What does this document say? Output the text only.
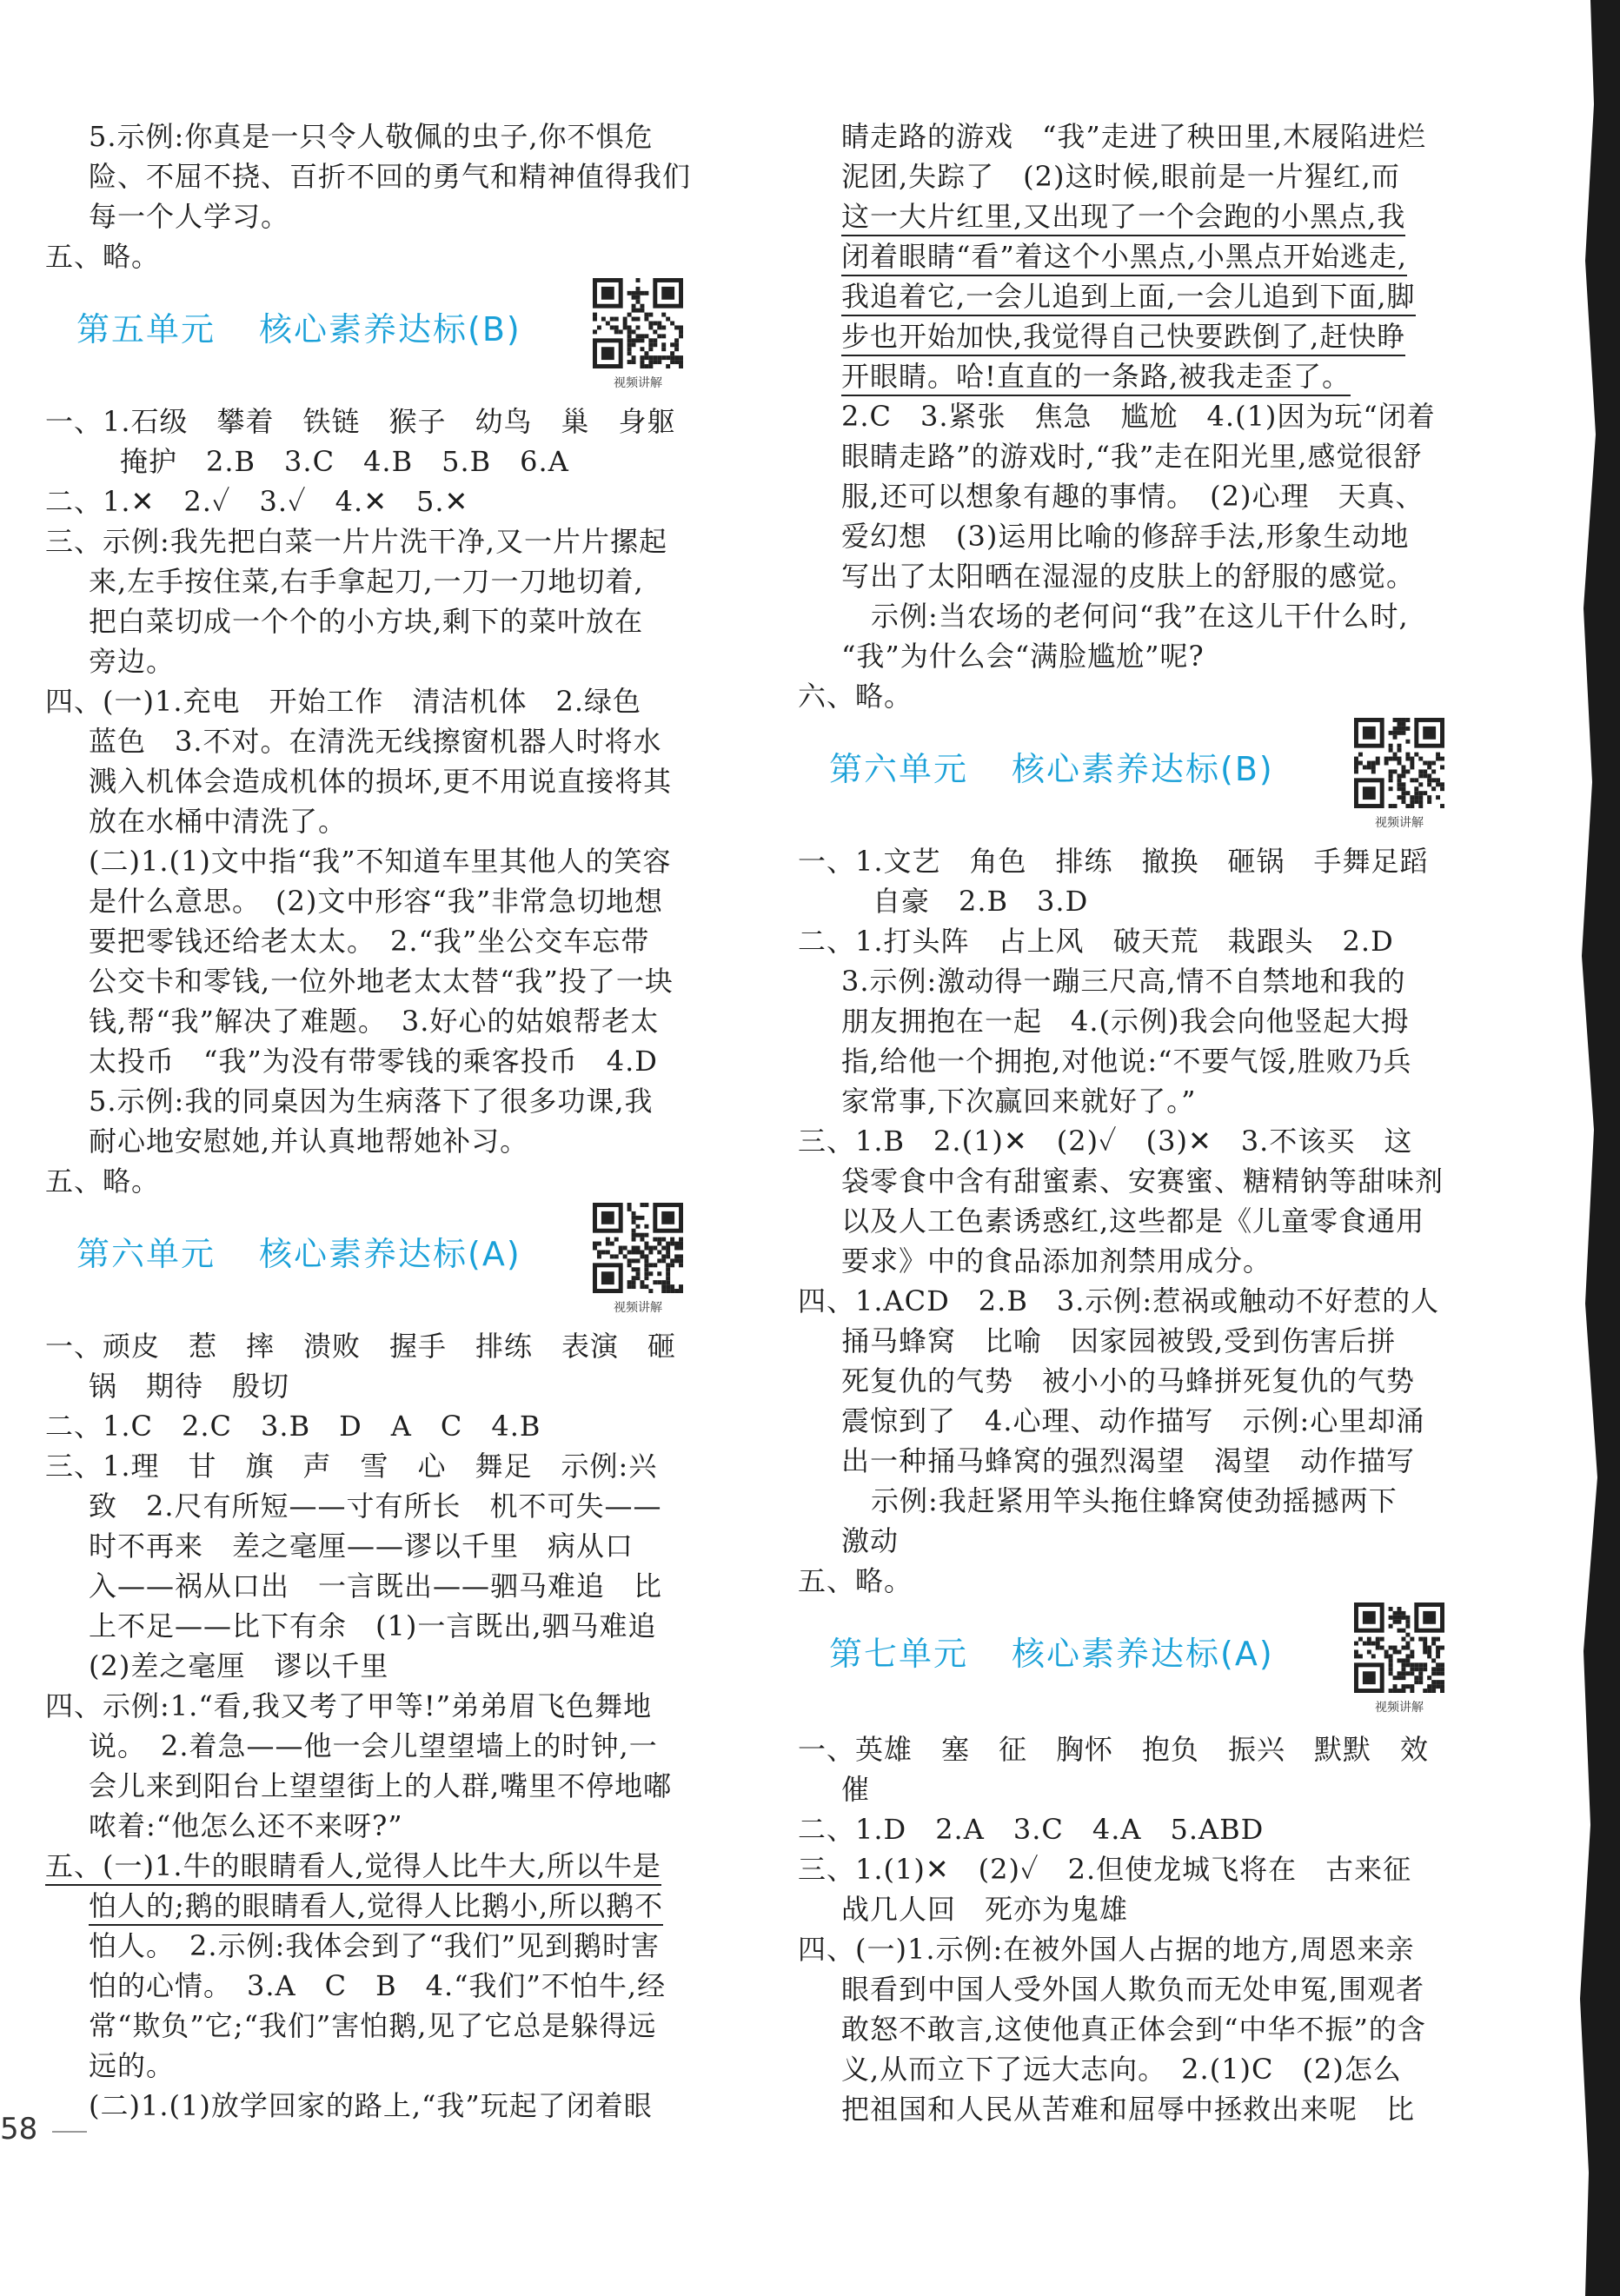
5.示例:你真是一只令人敬佩的虫子,你不惧危
险、不屈不挠、百折不回的勇气和精神值得我们
每一个人学习。
五、略。
一、1.石级　攀着　铁链　猴子　幼鸟　巢　身躯
掩护　2.B　3.C　4.B　5.B　6.A
二、1.✕　2.✓　3.✓　4.✕　5.✕
三、示例:我先把白菜一片片洗干净,又一片片摞起
来,左手按住菜,右手拿起刀,一刀一刀地切着,
把白菜切成一个个的小方块,剩下的菜叶放在
旁边。
四、(一)1.充电　开始工作　清洁机体　2.绿色
蓝色　3.不对。在清洗无线擦窗机器人时将水
溅入机体会造成机体的损坏,更不用说直接将其
放在水桶中清洗了。
(二)1.(1)文中指“我”不知道车里其他人的笑容
是什么意思。　(2)文中形容“我”非常急切地想
要把零钱还给老太太。　2.“我”坐公交车忘带
公交卡和零钱,一位外地老太太替“我”投了一块
钱,帮“我”解决了难题。　3.好心的姑娘帮老太
太投币　“我”为没有带零钱的乘客投币　4.D
5.示例:我的同桌因为生病落下了很多功课,我
耐心地安慰她,并认真地帮她补习。
五、略。
一、顽皮　惹　摔　溃败　握手　排练　表演　砸
锅　期待　殷切
二、1.C　2.C　3.B　D　A　C　4.B
三、1.理　甘　旗　声　雪　心　舞足　示例:兴
致　2.尺有所短——寸有所长　机不可失——
时不再来　差之毫厘——谬以千里　病从口
入——祸从口出　一言既出——驷马难追　比
上不足——比下有余　(1)一言既出,驷马难追
(2)差之毫厘　谬以千里
四、示例:1.“看,我又考了甲等!”弟弟眉飞色舞地
说。　2.着急——他一会儿望望墙上的时钟,一
会儿来到阳台上望望街上的人群,嘴里不停地嘟
哝着:“他怎么还不来呀?”
五、(一)1.牛的眼睛看人,觉得人比牛大,所以牛是
怕人的;鹅的眼睛看人,觉得人比鹅小,所以鹅不
怕人。　2.示例:我体会到了“我们”见到鹅时害
怕的心情。　3.A　C　B　4.“我们”不怕牛,经
常“欺负”它;“我们”害怕鹅,见了它总是躲得远
远的。
(二)1.(1)放学回家的路上,“我”玩起了闭着眼
第五单元 核心素养达标(B)
视频讲解
第六单元 核心素养达标(A)
视频讲解
睛走路的游戏　“我”走进了秧田里,木屐陷进烂
泥团,失踪了　(2)这时候,眼前是一片猩红,而
这一大片红里,又出现了一个会跑的小黑点,我
闭着眼睛“看”着这个小黑点,小黑点开始逃走,
我追着它,一会儿追到上面,一会儿追到下面,脚
步也开始加快,我觉得自己快要跌倒了,赶快睁
开眼睛。哈!直直的一条路,被我走歪了。
2.C　3.紧张　焦急　尴尬　4.(1)因为玩“闭着
眼睛走路”的游戏时,“我”走在阳光里,感觉很舒
服,还可以想象有趣的事情。　(2)心理　天真、
爱幻想　(3)运用比喻的修辞手法,形象生动地
写出了太阳晒在湿湿的皮肤上的舒服的感觉。
示例:当农场的老何问“我”在这儿干什么时,
“我”为什么会“满脸尴尬”呢?
六、略。
一、1.文艺　角色　排练　撤换　砸锅　手舞足蹈
自豪　2.B　3.D
二、1.打头阵　占上风　破天荒　栽跟头　2.D
3.示例:激动得一蹦三尺高,情不自禁地和我的
朋友拥抱在一起　4.(示例)我会向他竖起大拇
指,给他一个拥抱,对他说:“不要气馁,胜败乃兵
家常事,下次赢回来就好了。”
三、1.B　2.(1)✕　(2)✓　(3)✕　3.不该买　这
袋零食中含有甜蜜素、安赛蜜、糖精钠等甜味剂
以及人工色素诱惑红,这些都是《儿童零食通用
要求》中的食品添加剂禁用成分。
四、1.ACD　2.B　3.示例:惹祸或触动不好惹的人
捅马蜂窝　比喻　因家园被毁,受到伤害后拼
死复仇的气势　被小小的马蜂拼死复仇的气势
震惊到了　4.心理、动作描写　示例:心里却涌
出一种捅马蜂窝的强烈渴望　渴望　动作描写
示例:我赶紧用竿头拖住蜂窝使劲摇撼两下
激动
五、略。
一、英雄　塞　征　胸怀　抱负　振兴　默默　效
催
二、1.D　2.A　3.C　4.A　5.ABD
三、1.(1)✕　(2)✓　2.但使龙城飞将在　古来征
战几人回　死亦为鬼雄
四、(一)1.示例:在被外国人占据的地方,周恩来亲
眼看到中国人受外国人欺负而无处申冤,围观者
敢怒不敢言,这使他真正体会到“中华不振”的含
义,从而立下了远大志向。　2.(1)C　(2)怎么
把祖国和人民从苦难和屈辱中拯救出来呢　比
第六单元 核心素养达标(B)
视频讲解
第七单元 核心素养达标(A)
视频讲解
58
